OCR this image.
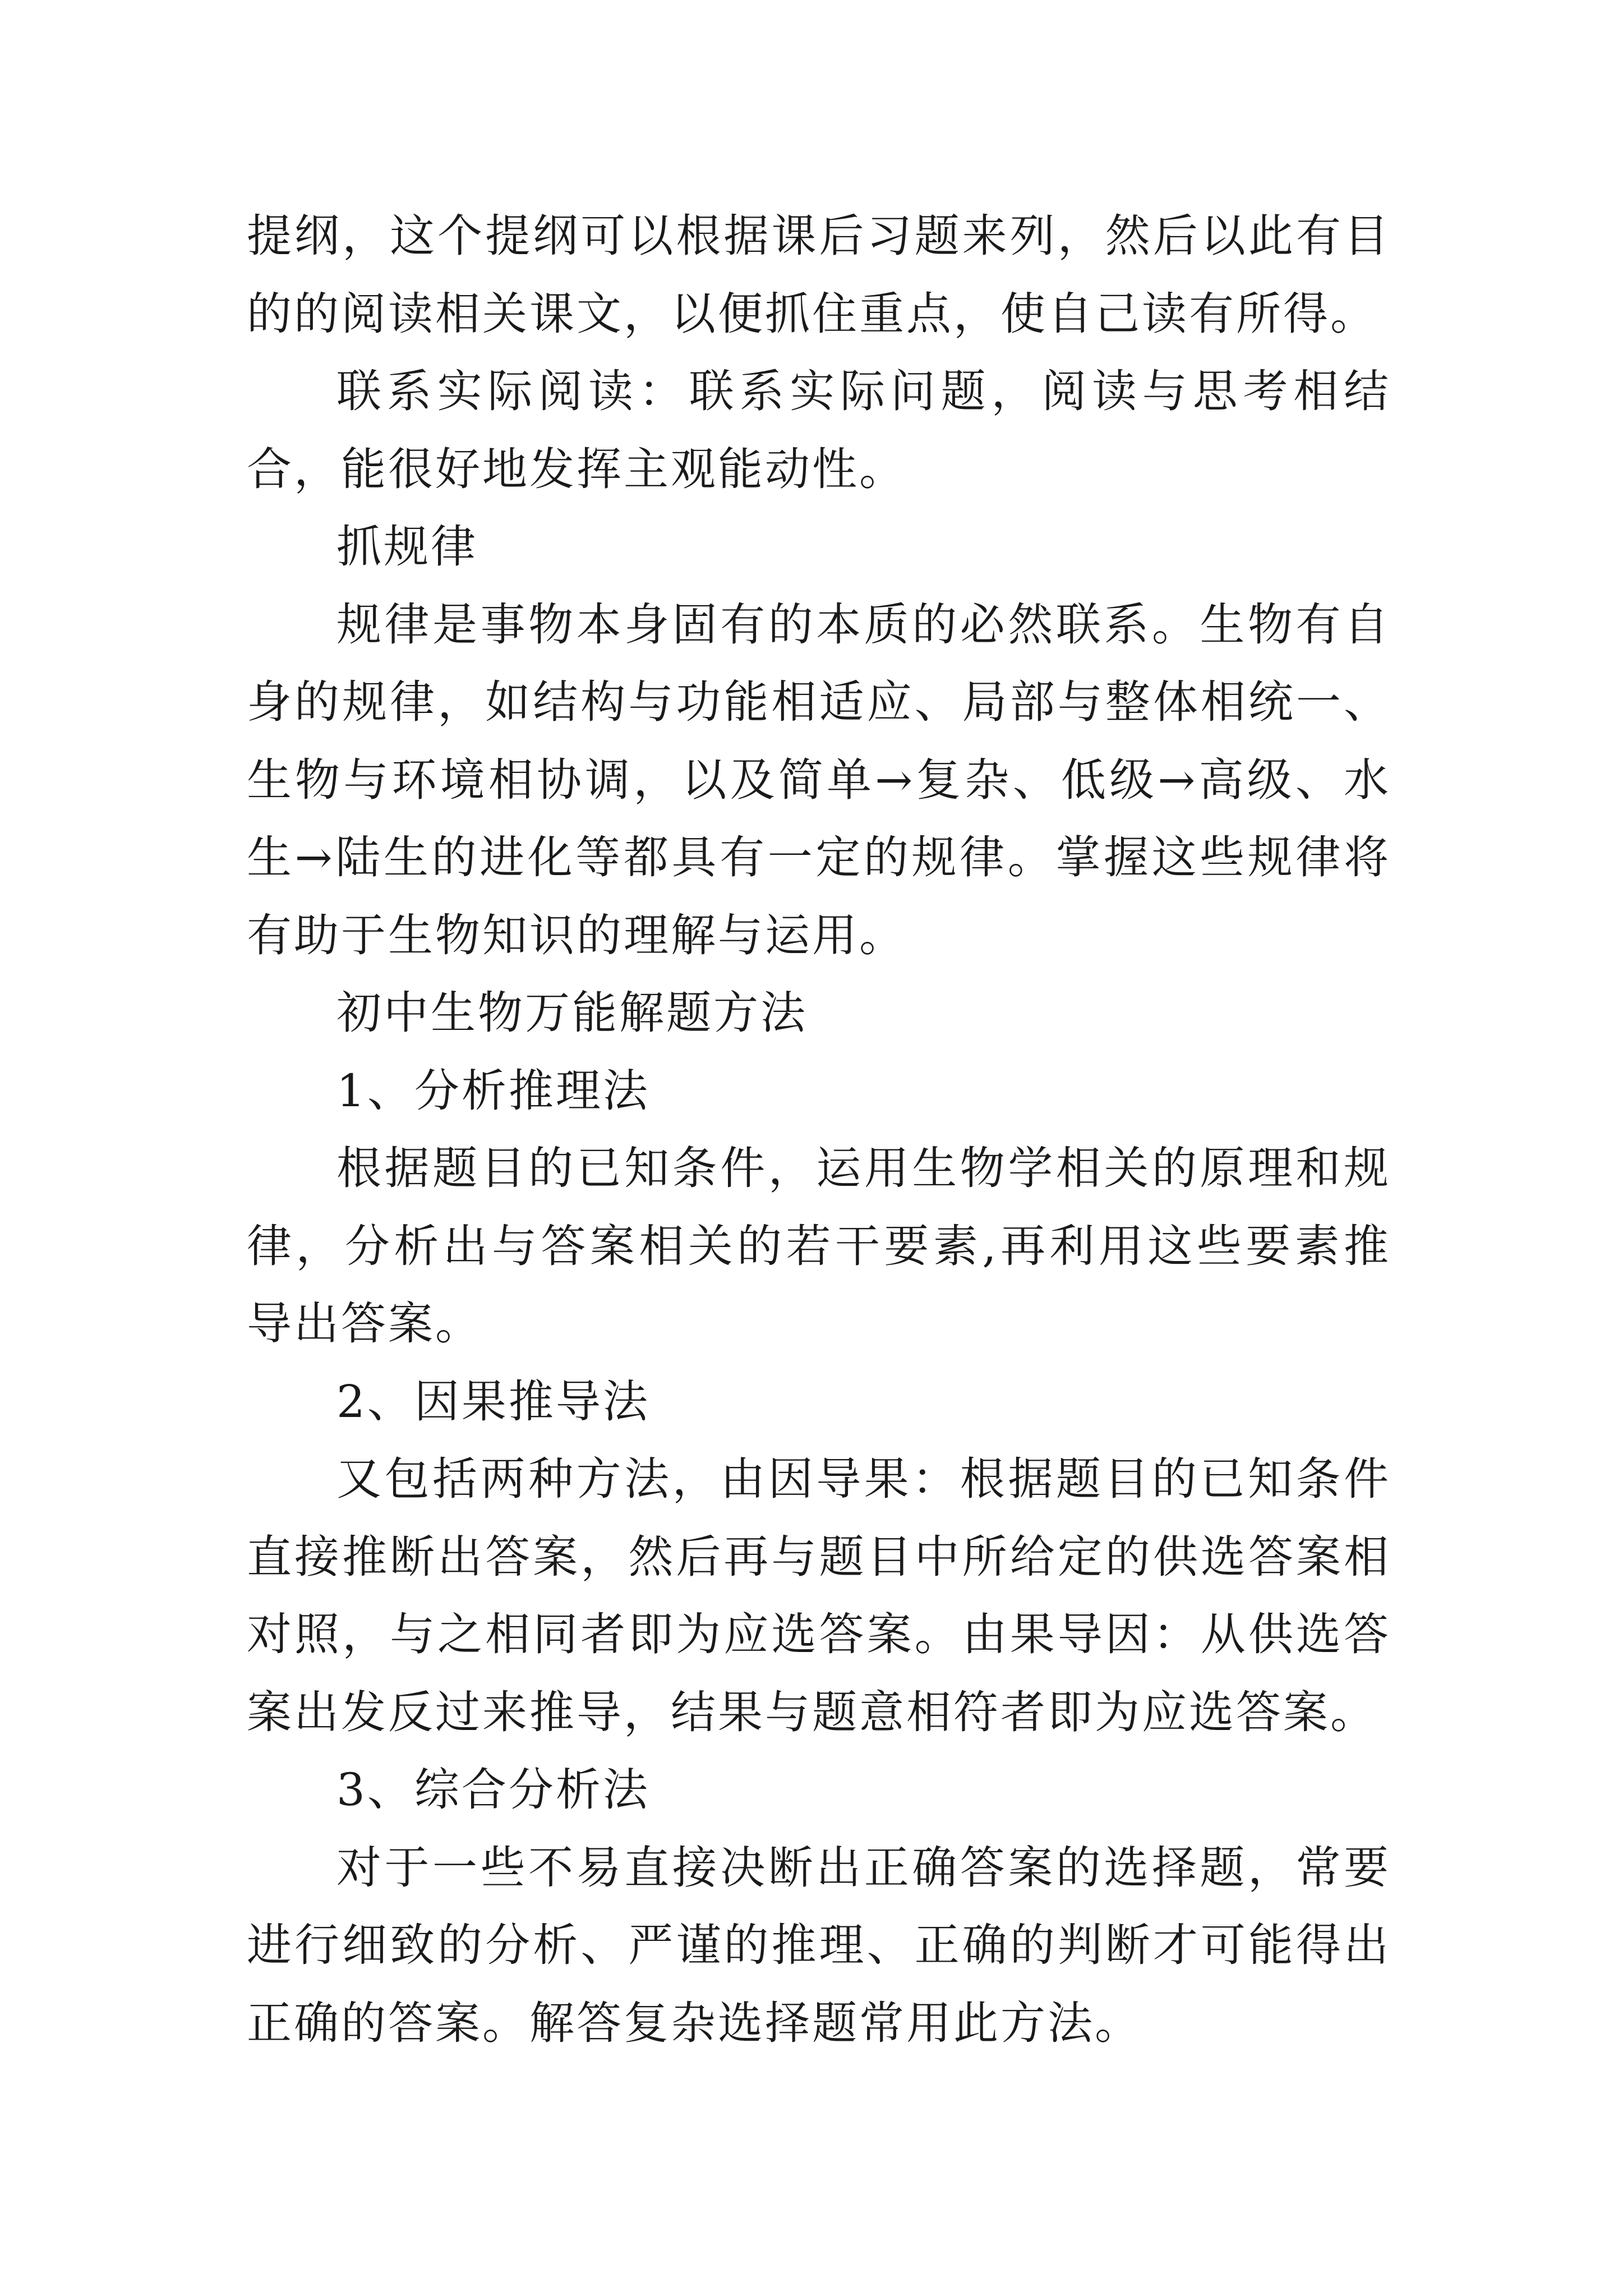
提纲，这个提纲可以根据课后习题来列，然后以此有目的的阅读相关课文，以便抓住重点，使自己读有所得。

联系实际阅读：联系实际问题，阅读与思考相结合，能很好地发挥主观能动性。

抓规律

规律是事物本身固有的本质的必然联系。生物有自身的规律，如结构与功能相适应、局部与整体相统一、生物与环境相协调，以及简单→复杂、低级→高级、水生→陆生的进化等都具有一定的规律。掌握这些规律将有助于生物知识的理解与运用。

初中生物万能解题方法

1、分析推理法

根据题目的已知条件，运用生物学相关的原理和规律，分析出与答案相关的若干要素,再利用这些要素推导出答案。

2、因果推导法

又包括两种方法，由因导果：根据题目的已知条件直接推断出答案，然后再与题目中所给定的供选答案相对照，与之相同者即为应选答案。由果导因：从供选答案出发反过来推导，结果与题意相符者即为应选答案。

3、综合分析法

对于一些不易直接决断出正确答案的选择题，常要进行细致的分析、严谨的推理、正确的判断才可能得出正确的答案。解答复杂选择题常用此方法。
